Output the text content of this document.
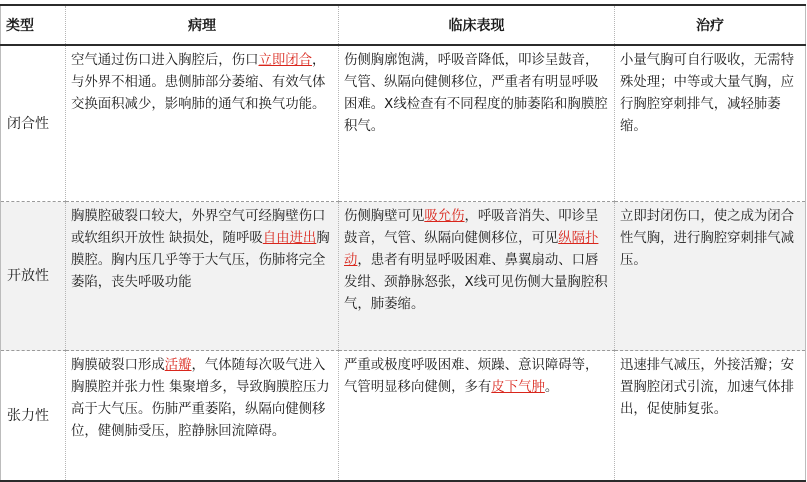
类型	病理	临床表现	治疗
闭合性	空气通过伤口进入胸腔后，伤口立即闭合，与外界不相通。患侧肺部分萎缩、有效气体交换面积减少，影响肺的通气和换气功能。	伤侧胸廓饱满，呼吸音降低，叩诊呈鼓音，气管、纵隔向健侧移位，严重者有明显呼吸困难。X线检查有不同程度的肺萎陷和胸膜腔积气。	小量气胸可自行吸收，无需特殊处理；中等或大量气胸，应行胸腔穿刺排气，减轻肺萎缩。
开放性	胸膜腔破裂口较大，外界空气可经胸壁伤口或软组织开放性 缺损处，随呼吸自由进出胸膜腔。胸内压几乎等于大气压，伤肺将完全萎陷，丧失呼吸功能	伤侧胸壁可见吸允伤，呼吸音消失、叩诊呈鼓音，气管、纵隔向健侧移位，可见纵隔扑动，患者有明显呼吸困难、鼻翼扇动、口唇发绀、颈静脉怒张，X线可见伤侧大量胸腔积气，肺萎缩。	立即封闭伤口，使之成为闭合性气胸，进行胸腔穿刺排气减压。
张力性	胸膜破裂口形成活瓣，气体随每次吸气进入胸膜腔并张力性 集聚增多，导致胸膜腔压力高于大气压。伤肺严重萎陷，纵隔向健侧移位，健侧肺受压，腔静脉回流障碍。	严重或极度呼吸困难、烦躁、意识障碍等，气管明显移向健侧，多有皮下气肿。	迅速排气减压，外接活瓣；安置胸腔闭式引流，加速气体排出，促使肺复张。
